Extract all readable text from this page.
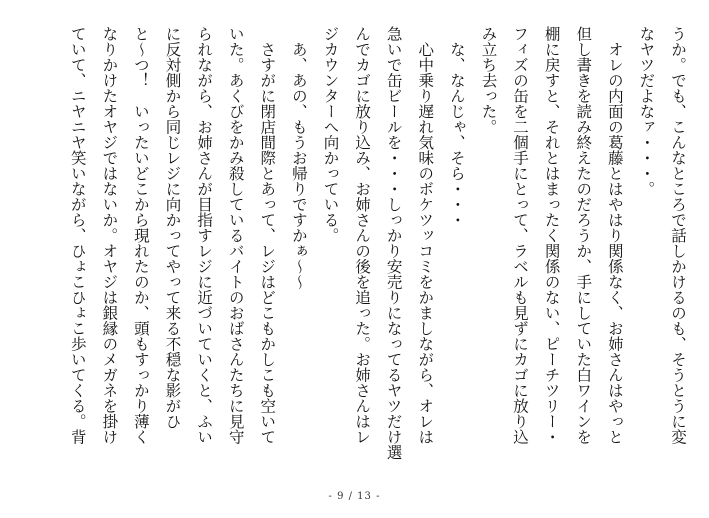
うか。でも、こんなところで話しかけるのも、そうとうに変
なヤツだよなァ・・・。
　オレの内面の葛藤とはやはり関係なく、お姉さんはやっと
但し書きを読み終えたのだろうか、手にしていた白ワインを
棚に戻すと、それとはまったく関係のない、ピーチツリー・
フィズの缶を二個手にとって、ラベルも見ずにカゴに放り込
み立ち去った。
　な、なんじゃ、そら・・・
　心中乗り遅れ気味のボケツッコミをかましながら、オレは
急いで缶ビールを・・・しっかり安売りになってるヤツだけ選
んでカゴに放り込み、お姉さんの後を追った。お姉さんはレ
ジカウンターへ向かっている。
　あ、あの、もうお帰りですかぁ～～
　さすがに閉店間際とあって、レジはどこもかしこも空いて
いた。あくびをかみ殺しているバイトのおばさんたちに見守
られながら、お姉さんが目指すレジに近づいていくと、ふい
に反対側から同じレジに向かってやって来る不穏な影がひ
と～つ！　いったいどこから現れたのか、頭もすっかり薄く
なりかけたオヤジではないか。オヤジは銀縁のメガネを掛け
ていて、ニヤニヤ笑いながら、ひょこひょこ歩いてくる。背
- 9 / 13 -
